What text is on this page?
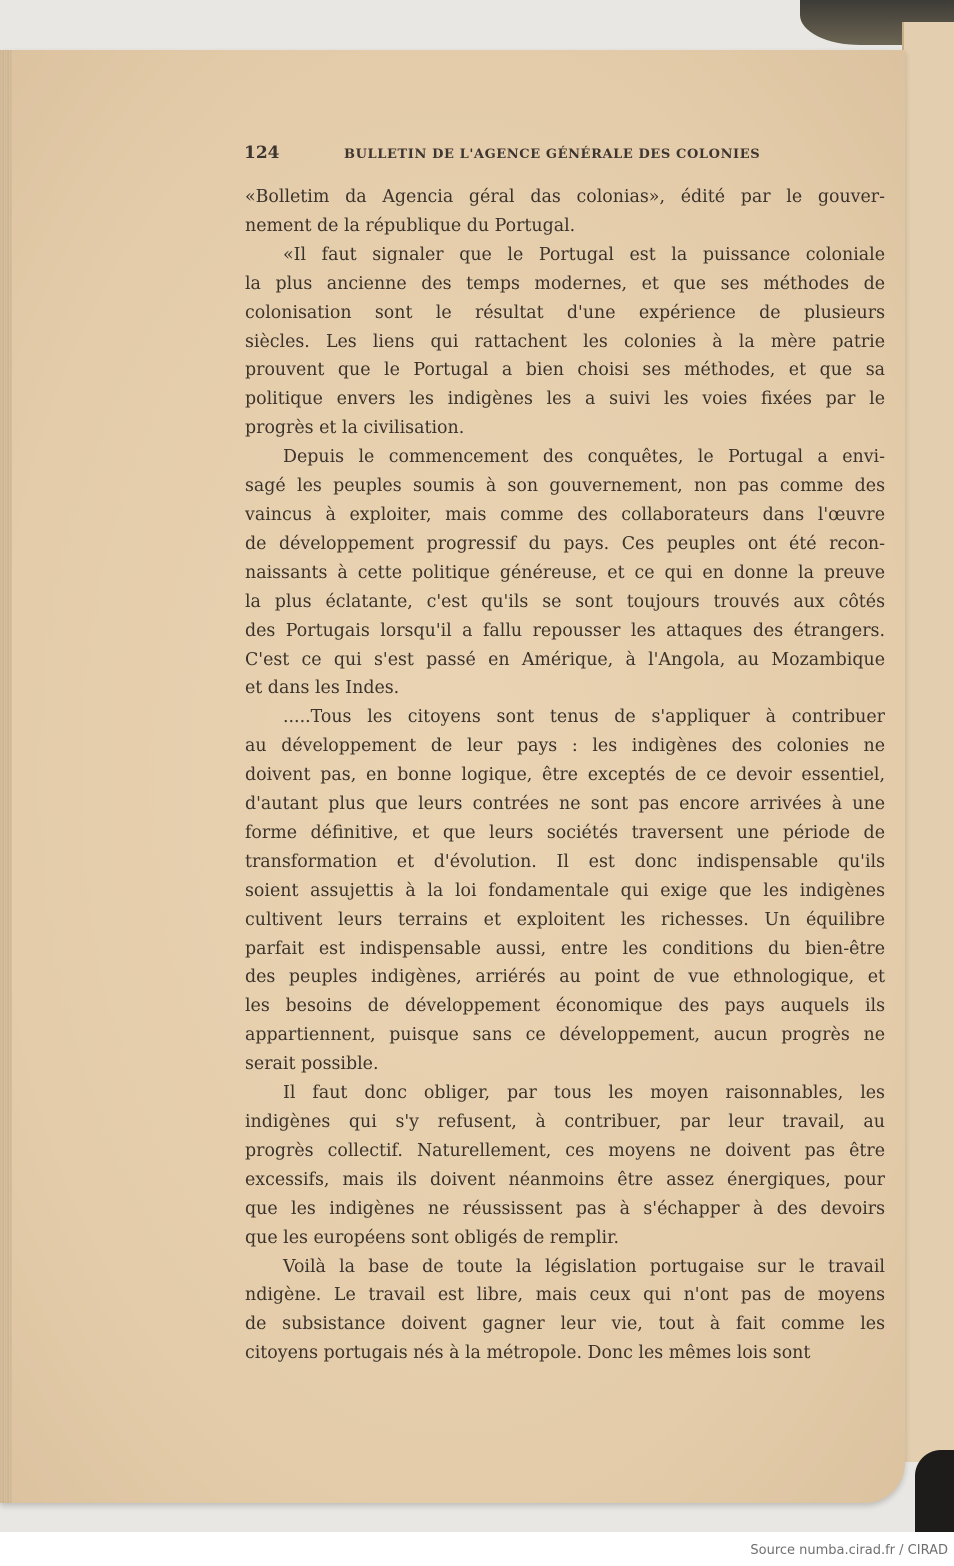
124	BULLETIN DE L'AGENCE GÉNÉRALE DES COLONIES
«Bolletim da Agencia géral das colonias», édité par le gouver-
nement de la république du Portugal.
«Il faut signaler que le Portugal est la puissance coloniale
la plus ancienne des temps modernes, et que ses méthodes de
colonisation sont le résultat d'une expérience de plusieurs
siècles. Les liens qui rattachent les colonies à la mère patrie
prouvent que le Portugal a bien choisi ses méthodes, et que sa
politique envers les indigènes les a suivi les voies fixées par le
progrès et la civilisation.
Depuis le commencement des conquêtes, le Portugal a envi-
sagé les peuples soumis à son gouvernement, non pas comme des
vaincus à exploiter, mais comme des collaborateurs dans l'œuvre
de développement progressif du pays. Ces peuples ont été recon-
naissants à cette politique généreuse, et ce qui en donne la preuve
la plus éclatante, c'est qu'ils se sont toujours trouvés aux côtés
des Portugais lorsqu'il a fallu repousser les attaques des étrangers.
C'est ce qui s'est passé en Amérique, à l'Angola, au Mozambique
et dans les Indes.
.....Tous les citoyens sont tenus de s'appliquer à contribuer
au développement de leur pays : les indigènes des colonies ne
doivent pas, en bonne logique, être exceptés de ce devoir essentiel,
d'autant plus que leurs contrées ne sont pas encore arrivées à une
forme définitive, et que leurs sociétés traversent une période de
transformation et d'évolution. Il est donc indispensable qu'ils
soient assujettis à la loi fondamentale qui exige que les indigènes
cultivent leurs terrains et exploitent les richesses. Un équilibre
parfait est indispensable aussi, entre les conditions du bien-être
des peuples indigènes, arriérés au point de vue ethnologique, et
les besoins de développement économique des pays auquels ils
appartiennent, puisque sans ce développement, aucun progrès ne
serait possible.
Il faut donc obliger, par tous les moyen raisonnables, les
indigènes qui s'y refusent, à contribuer, par leur travail, au
progrès collectif. Naturellement, ces moyens ne doivent pas être
excessifs, mais ils doivent néanmoins être assez énergiques, pour
que les indigènes ne réussissent pas à s'échapper à des devoirs
que les européens sont obligés de remplir.
Voilà la base de toute la législation portugaise sur le travail
ndigène. Le travail est libre, mais ceux qui n'ont pas de moyens
de subsistance doivent gagner leur vie, tout à fait comme les
citoyens portugais nés à la métropole. Donc les mêmes lois sont
Source numba.cirad.fr / CIRAD
